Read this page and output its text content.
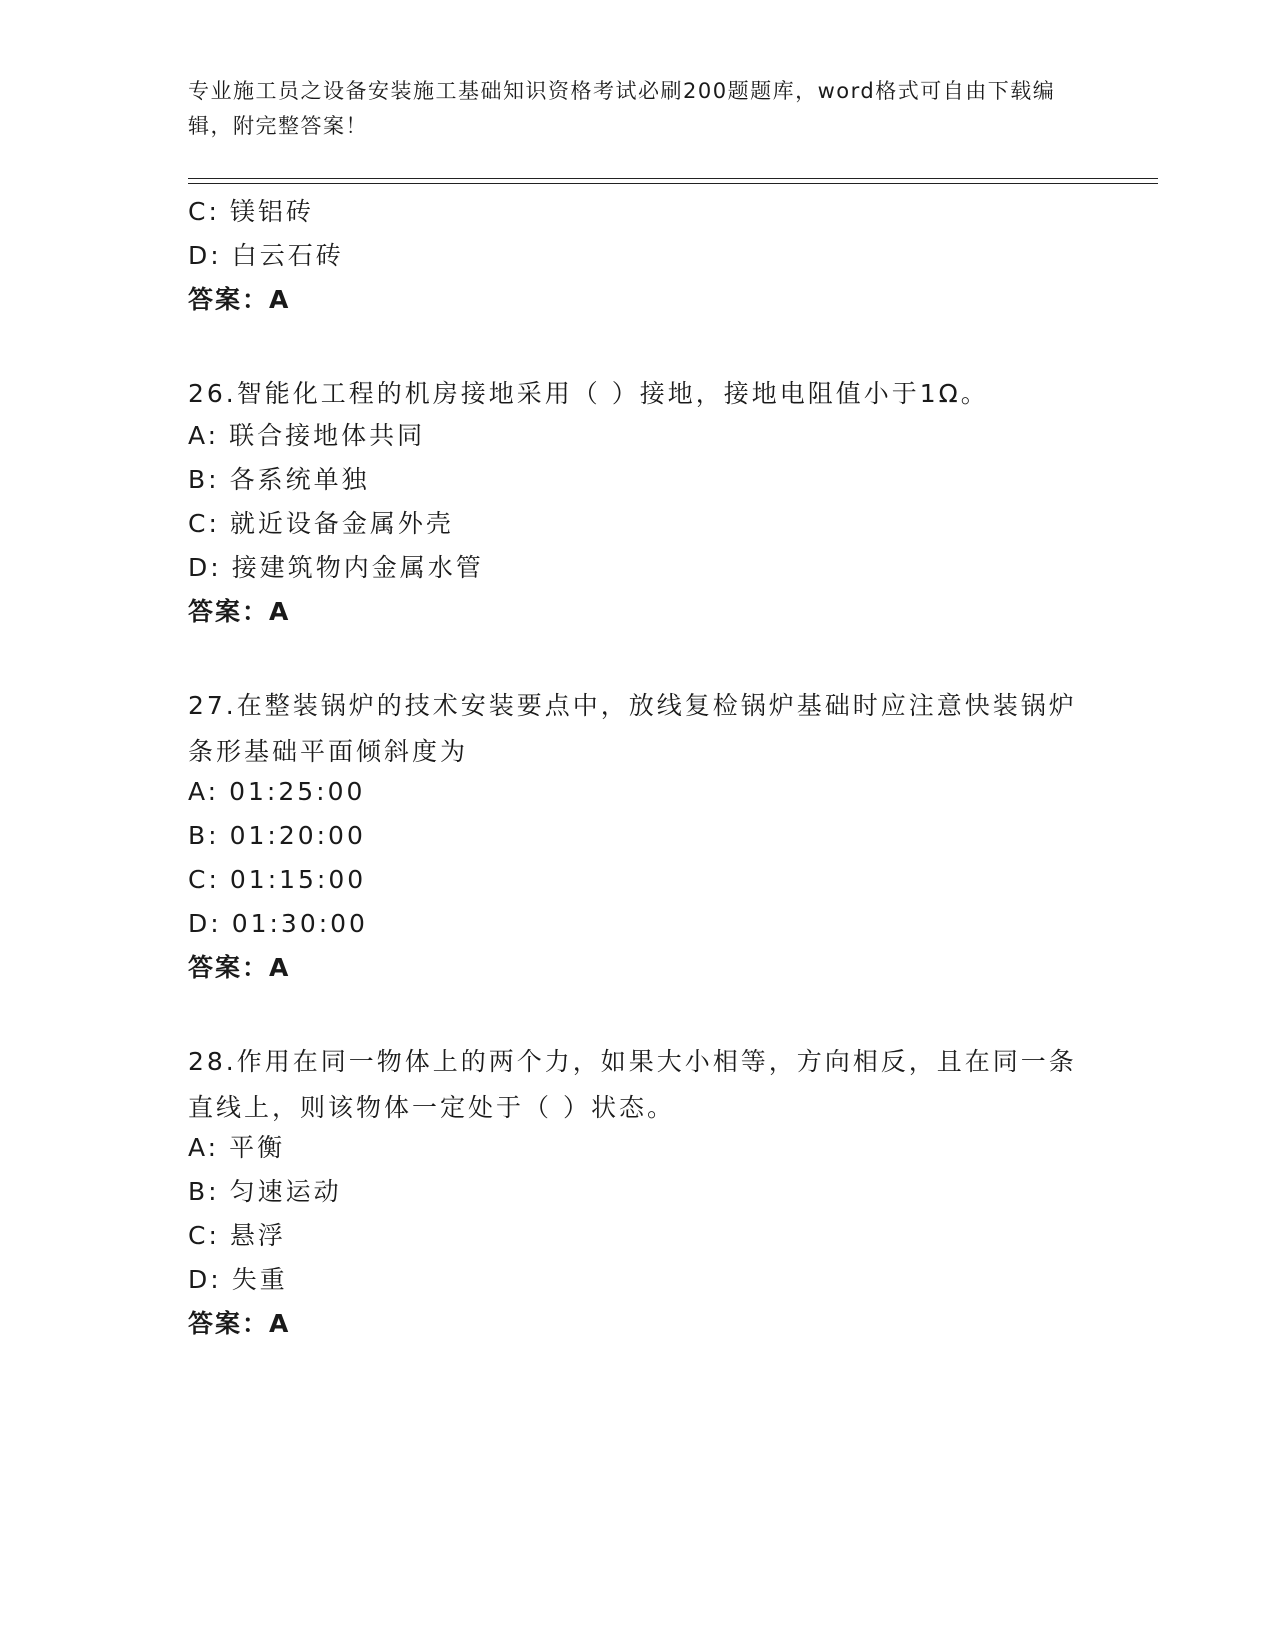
专业施工员之设备安装施工基础知识资格考试必刷200题题库，word格式可自由下载编辑，附完整答案！
C: 镁铝砖
D: 白云石砖
答案：A
26.智能化工程的机房接地采用（ ）接地，接地电阻值小于1Ω。
A: 联合接地体共同
B: 各系统单独
C: 就近设备金属外壳
D: 接建筑物内金属水管
答案：A
27.在整装锅炉的技术安装要点中，放线复检锅炉基础时应注意快装锅炉条形基础平面倾斜度为
A: 01:25:00
B: 01:20:00
C: 01:15:00
D: 01:30:00
答案：A
28.作用在同一物体上的两个力，如果大小相等，方向相反，且在同一条直线上，则该物体一定处于（ ）状态。
A: 平衡
B: 匀速运动
C: 悬浮
D: 失重
答案：A
